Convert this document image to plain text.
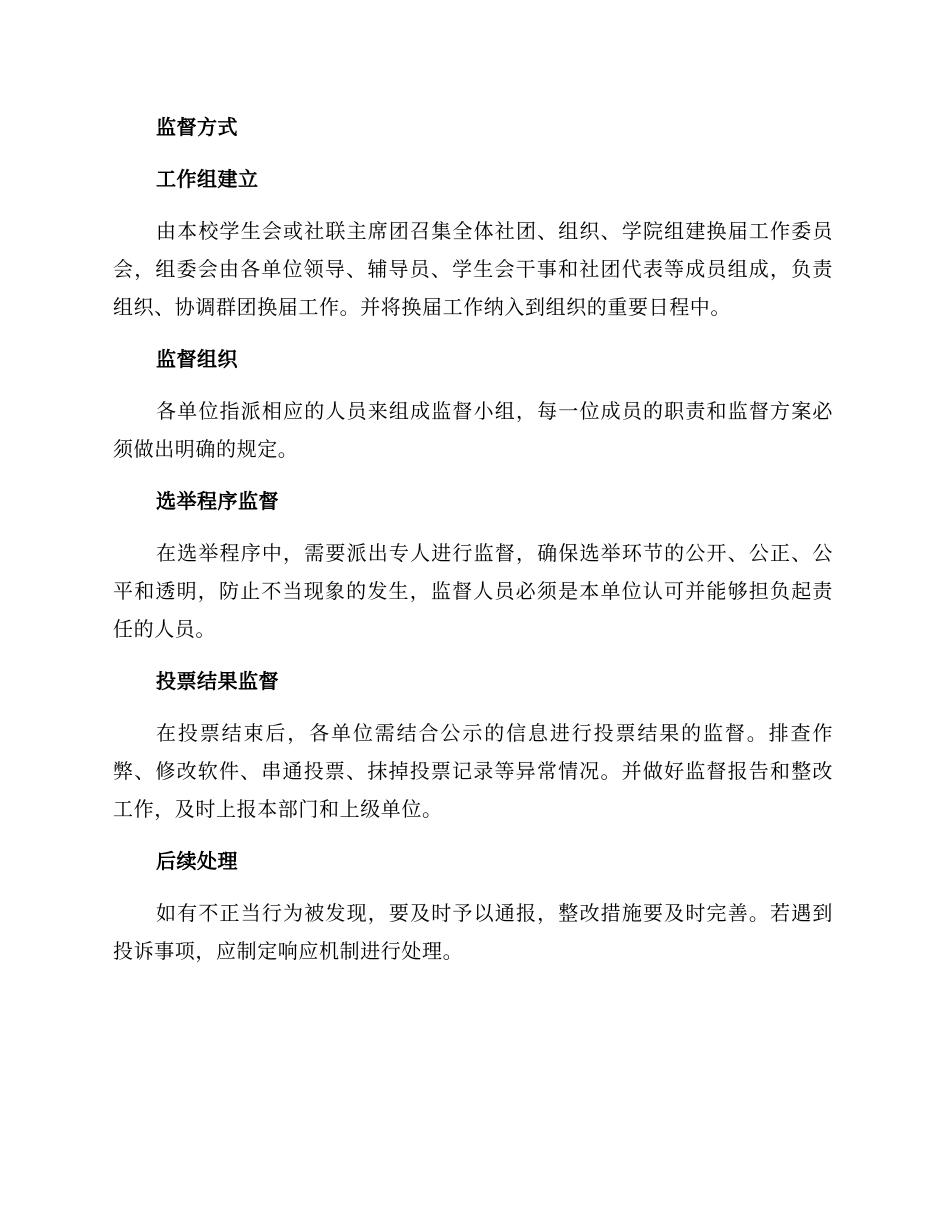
监督方式
工作组建立

由本校学生会或社联主席团召集全体社团、组织、学院组建换届工作委员会，组委会由各单位领导、辅导员、学生会干事和社团代表等成员组成，负责组织、协调群团换届工作。并将换届工作纳入到组织的重要日程中。

监督组织

各单位指派相应的人员来组成监督小组，每一位成员的职责和监督方案必须做出明确的规定。

选举程序监督

在选举程序中，需要派出专人进行监督，确保选举环节的公开、公正、公平和透明，防止不当现象的发生，监督人员必须是本单位认可并能够担负起责任的人员。

投票结果监督

在投票结束后，各单位需结合公示的信息进行投票结果的监督。排查作弊、修改软件、串通投票、抹掉投票记录等异常情况。并做好监督报告和整改工作，及时上报本部门和上级单位。

后续处理

如有不正当行为被发现，要及时予以通报，整改措施要及时完善。若遇到投诉事项，应制定响应机制进行处理。
